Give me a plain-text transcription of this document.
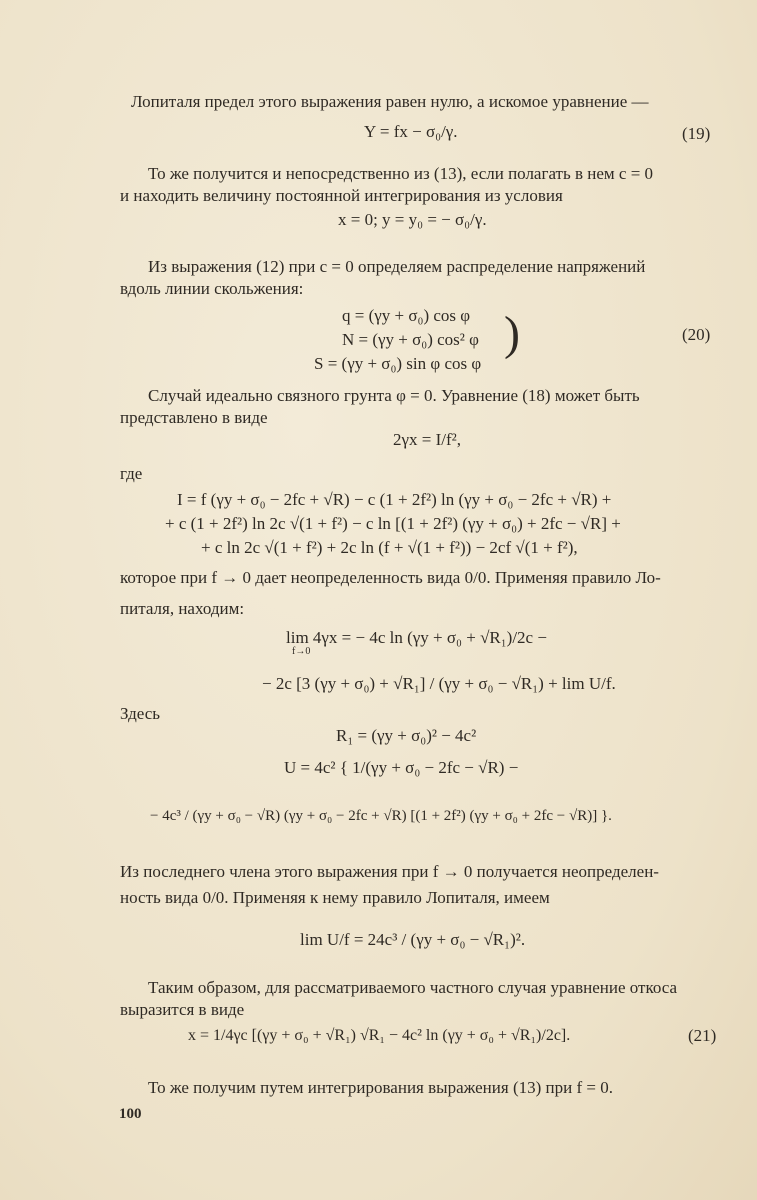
Лопиталя предел этого выражения равен нулю, а искомое уравнение —
Y = fx − σ₀/γ.	(19)
То же получится и непосредственно из (13), если полагать в нем c = 0
и находить величину постоянной интегрирования из условия
x = 0; y = y₀ = − σ₀/γ.
Из выражения (12) при c = 0 определяем распределение напряжений
вдоль линии скольжения:
q = (γy + σ₀) cos φ
N = (γy + σ₀) cos² φ
S = (γy + σ₀) sin φ cos φ
)	(20)
Случай идеально связного грунта φ = 0. Уравнение (18) может быть
представлено в виде
2γx = I/f²,
где
I = f (γy + σ₀ − 2fc + √R) − c (1 + 2f²) ln (γy + σ₀ − 2fc + √R) +
+ c (1 + 2f²) ln 2c √(1 + f²) − c ln [(1 + 2f²) (γy + σ₀) + 2fc − √R] +
+ c ln 2c √(1 + f²) + 2c ln (f + √(1 + f²)) − 2cf √(1 + f²),
которое при f → 0 дает неопределенность вида 0/0. Применяя правило Ло-
питаля, находим:
lim 4γx = − 4c ln (γy + σ₀ + √R₁)/2c −
f→0
− 2c [3 (γy + σ₀) + √R₁] / (γy + σ₀ − √R₁) + lim U/f.
Здесь
R₁ = (γy + σ₀)² − 4c²
U = 4c² { 1/(γy + σ₀ − 2fc − √R) −
− 4c³ / (γy + σ₀ − √R) (γy + σ₀ − 2fc + √R) [(1 + 2f²) (γy + σ₀ + 2fc − √R)] }.
Из последнего члена этого выражения при f → 0 получается неопределен-
ность вида 0/0. Применяя к нему правило Лопиталя, имеем
lim U/f = 24c³ / (γy + σ₀ − √R₁)².
Таким образом, для рассматриваемого частного случая уравнение откоса
выразится в виде
x = 1/4γc [(γy + σ₀ + √R₁) √R₁ − 4c² ln (γy + σ₀ + √R₁)/2c].	(21)
То же получим путем интегрирования выражения (13) при f = 0.
100
